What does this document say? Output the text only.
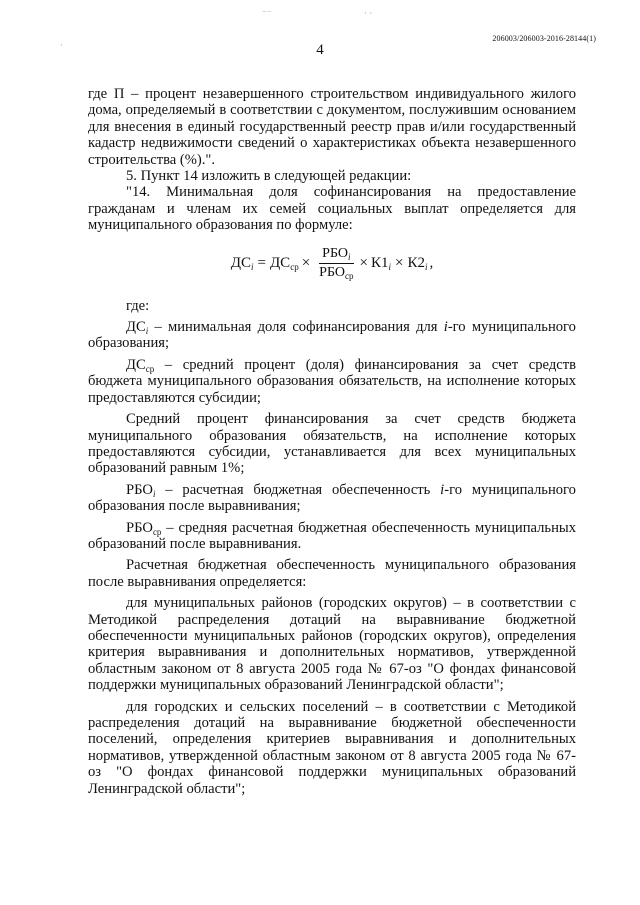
⁻⁻	· ·
·
206003/206003-2016-28144(1)
4

где П – процент незавершенного строительством индивидуального жилого дома, определяемый в соответствии с документом, послужившим основанием для внесения в единый государственный реестр прав и/или государственный кадастр недвижимости сведений о характеристиках объекта незавершенного строительства (%).".

5. Пункт 14 изложить в следующей редакции:

"14. Минимальная доля софинансирования на предоставление гражданам и членам их семей социальных выплат определяется для муниципального образования по формуле:

$ДС_i = ДС_{ср} \times \frac{РБО_i}{РБО_{ср}} \times К1_i \times К2_i$ ,

где:

$ДС_i$ – минимальная доля софинансирования для i-го муниципального образования;

$ДС_{ср}$ – средний процент (доля) финансирования за счет средств бюджета муниципального образования обязательств, на исполнение которых предоставляются субсидии;

Средний процент финансирования за счет средств бюджета муниципального образования обязательств, на исполнение которых предоставляются субсидии, устанавливается для всех муниципальных образований равным 1%;

$РБО_i$ – расчетная бюджетная обеспеченность i-го муниципального образования после выравнивания;

$РБО_{ср}$ – средняя расчетная бюджетная обеспеченность муниципальных образований после выравнивания.

Расчетная бюджетная обеспеченность муниципального образования после выравнивания определяется:

для муниципальных районов (городских округов) – в соответствии с Методикой распределения дотаций на выравнивание бюджетной обеспеченности муниципальных районов (городских округов), определения критерия выравнивания и дополнительных нормативов, утвержденной областным законом от 8 августа 2005 года № 67-оз "О фондах финансовой поддержки муниципальных образований Ленинградской области";

для городских и сельских поселений – в соответствии с Методикой распределения дотаций на выравнивание бюджетной обеспеченности поселений, определения критериев выравнивания и дополнительных нормативов, утвержденной областным законом от 8 августа 2005 года № 67-оз "О фондах финансовой поддержки муниципальных образований Ленинградской области";
